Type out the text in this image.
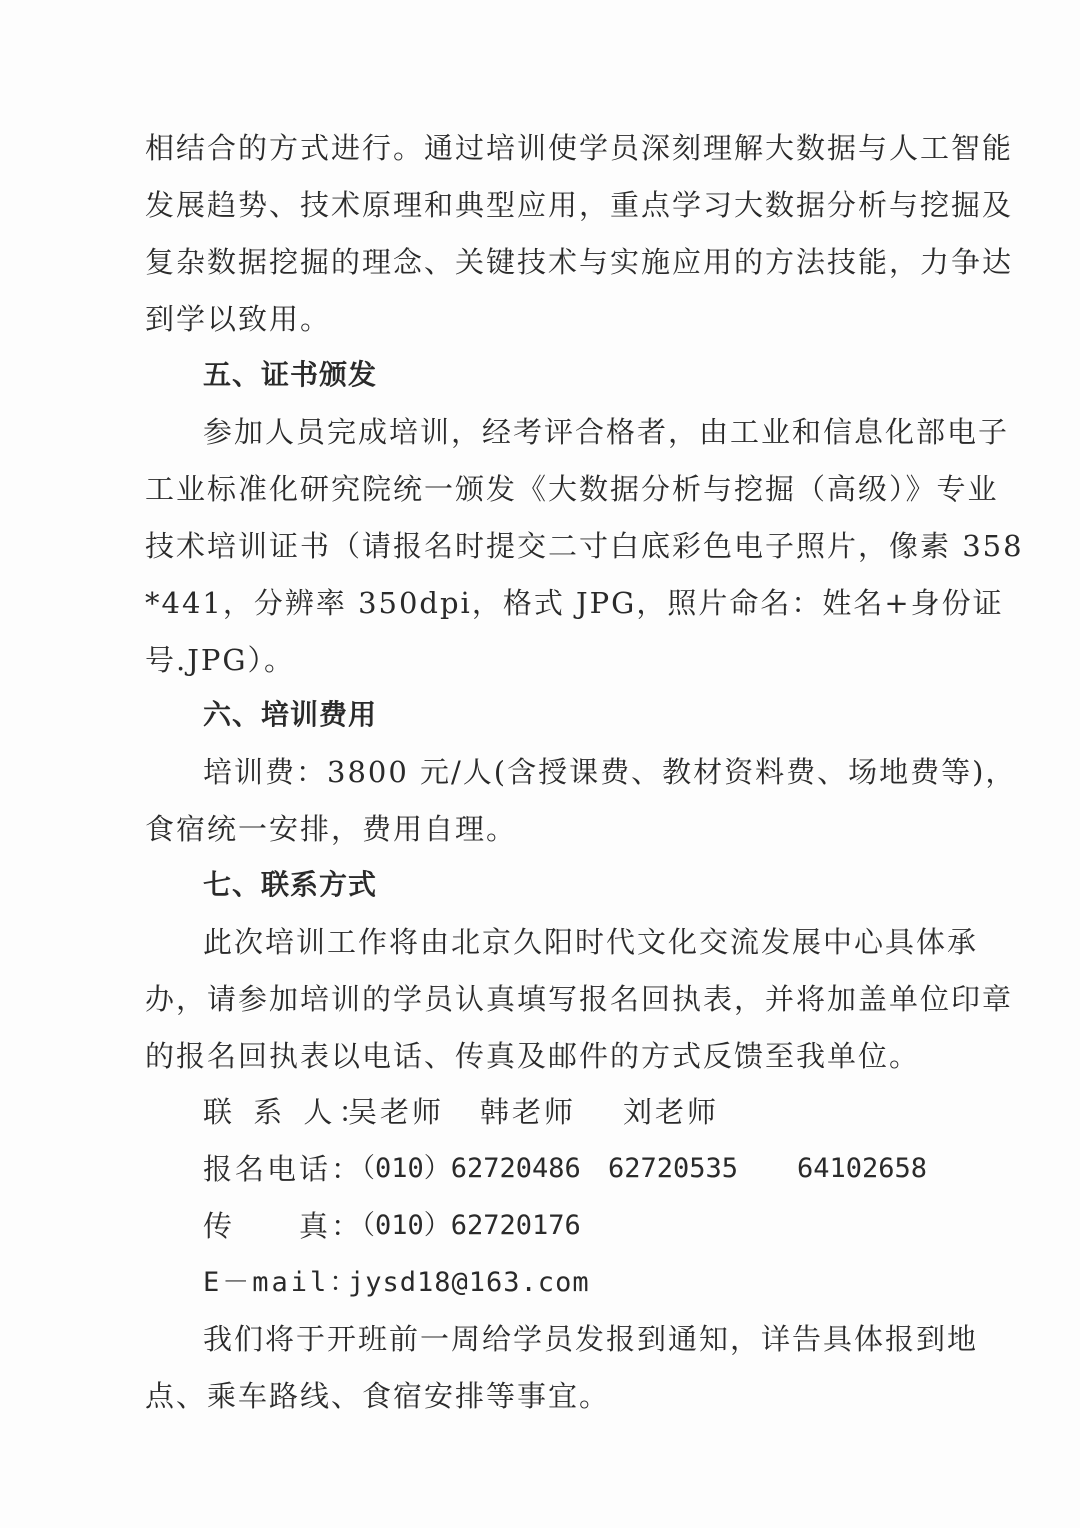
相结合的方式进行。通过培训使学员深刻理解大数据与人工智能
发展趋势、技术原理和典型应用，重点学习大数据分析与挖掘及
复杂数据挖掘的理念、关键技术与实施应用的方法技能，力争达
到学以致用。
五、证书颁发
参加人员完成培训，经考评合格者，由工业和信息化部电子
工业标准化研究院统一颁发《大数据分析与挖掘（高级）》专业
技术培训证书（请报名时提交二寸白底彩色电子照片，像素 358
*441，分辨率 350dpi，格式 JPG，照片命名：姓名+身份证
号.JPG）。
六、培训费用
培训费：3800 元/人(含授课费、教材资料费、场地费等)，
食宿统一安排，费用自理。
七、联系方式
此次培训工作将由北京久阳时代文化交流发展中心具体承
办，请参加培训的学员认真填写报名回执表，并将加盖单位印章
的报名回执表以电话、传真及邮件的方式反馈至我单位。
联 系 人：
吴老师 韩老师 刘老师
报名电话：
（010）62720486 62720535 64102658
传　　真：
（010）62720176
E－mail：
jysd18@163.com
我们将于开班前一周给学员发报到通知，详告具体报到地
点、乘车路线、食宿安排等事宜。
